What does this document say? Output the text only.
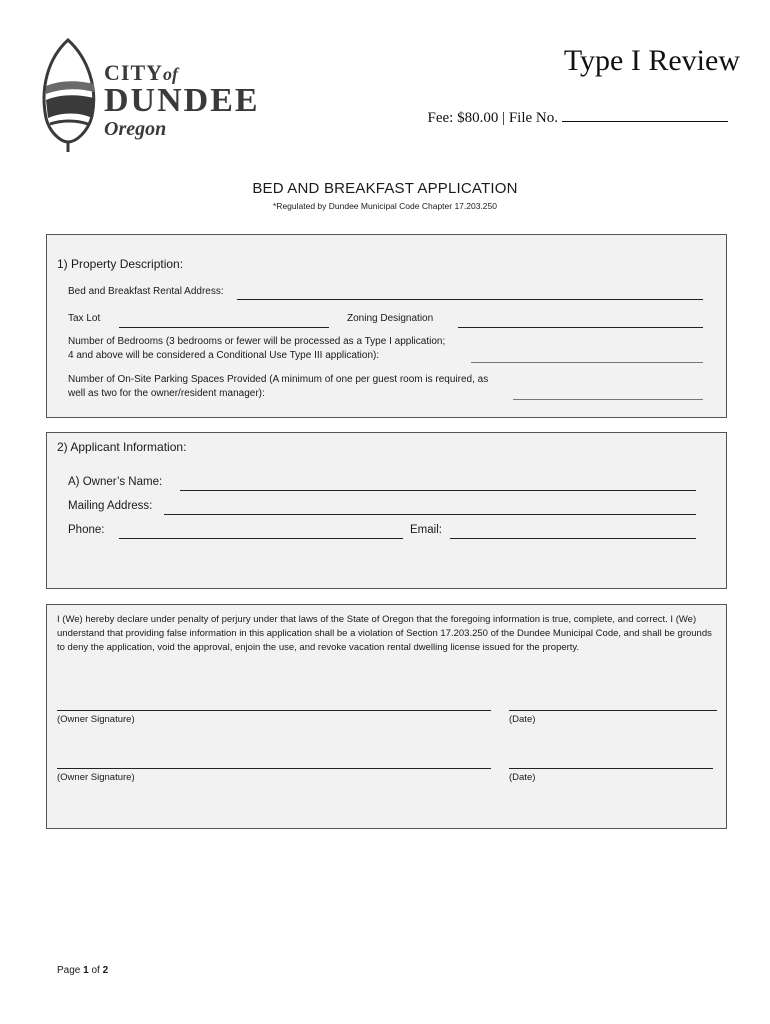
CITYof
DUNDEE
Oregon
Type I Review
Fee: $80.00 | File No.
BED AND BREAKFAST APPLICATION
*Regulated by Dundee Municipal Code Chapter 17.203.250
1) Property Description:
Bed and Breakfast Rental Address:
Tax Lot	Zoning Designation
Number of Bedrooms (3 bedrooms or fewer will be processed as a Type I application;
4 and above will be considered a Conditional Use Type III application):
Number of On-Site Parking Spaces Provided (A minimum of one per guest room is required, as
well as two for the owner/resident manager):
2) Applicant Information:
A) Owner’s Name:
Mailing Address:
Phone:	Email:
I (We) hereby declare under penalty of perjury under that laws of the State of Oregon that the foregoing information is true, complete, and correct. I (We) understand that providing false information in this application shall be a violation of Section 17.203.250 of the Dundee Municipal Code, and shall be grounds to deny the application, void the approval, enjoin the use, and revoke vacation rental dwelling license issued for the property.
(Owner Signature)	(Date)
(Owner Signature)	(Date)
Page 1 of 2
